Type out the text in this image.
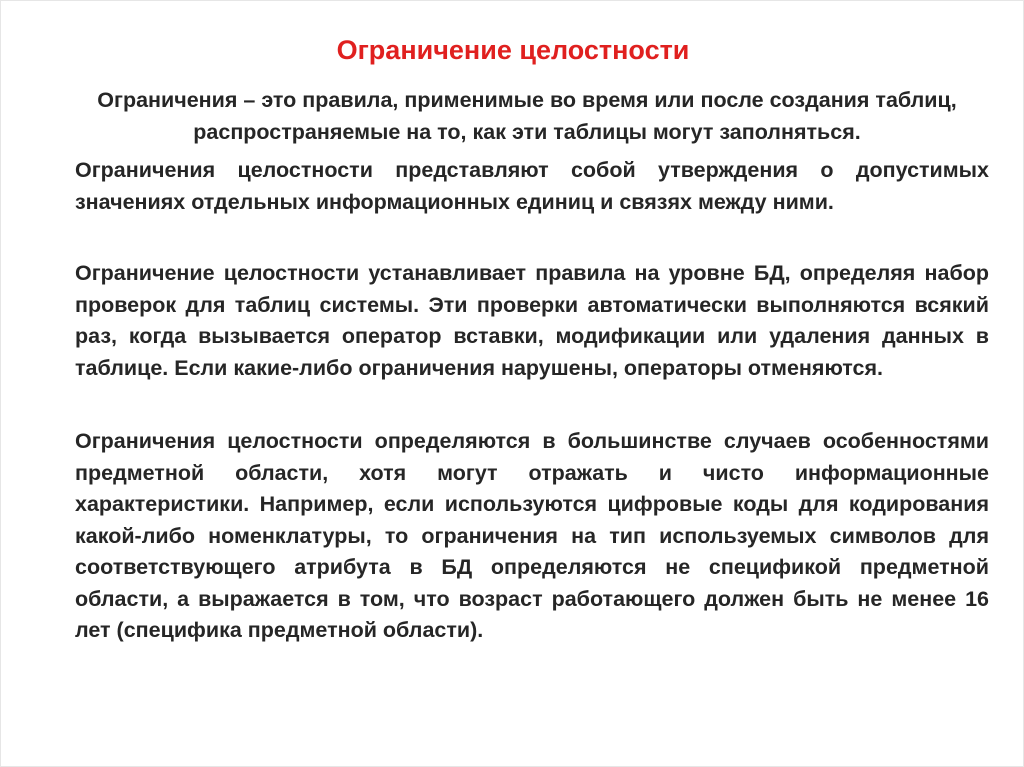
Ограничение целостности
Ограничения – это правила, применимые во время или после создания таблиц, распространяемые на то, как эти таблицы могут заполняться.
Ограничения целостности представляют собой утверждения о допустимых значениях отдельных информационных единиц и связях между ними.
Ограничение целостности устанавливает правила на уровне БД, определяя набор проверок для таблиц системы. Эти проверки автоматически выполняются всякий раз, когда вызывается оператор вставки, модификации или удаления данных в таблице. Если какие-либо ограничения нарушены, операторы отменяются.
Ограничения целостности определяются в большинстве случаев особенностями предметной области, хотя могут отражать и чисто информационные характеристики. Например, если используются цифровые коды для кодирования какой-либо номенклатуры, то ограничения на тип используемых символов для соответствующего атрибута в БД определяются не спецификой предметной области, а выражается в том, что возраст работающего должен быть не менее 16 лет (специфика предметной области).
